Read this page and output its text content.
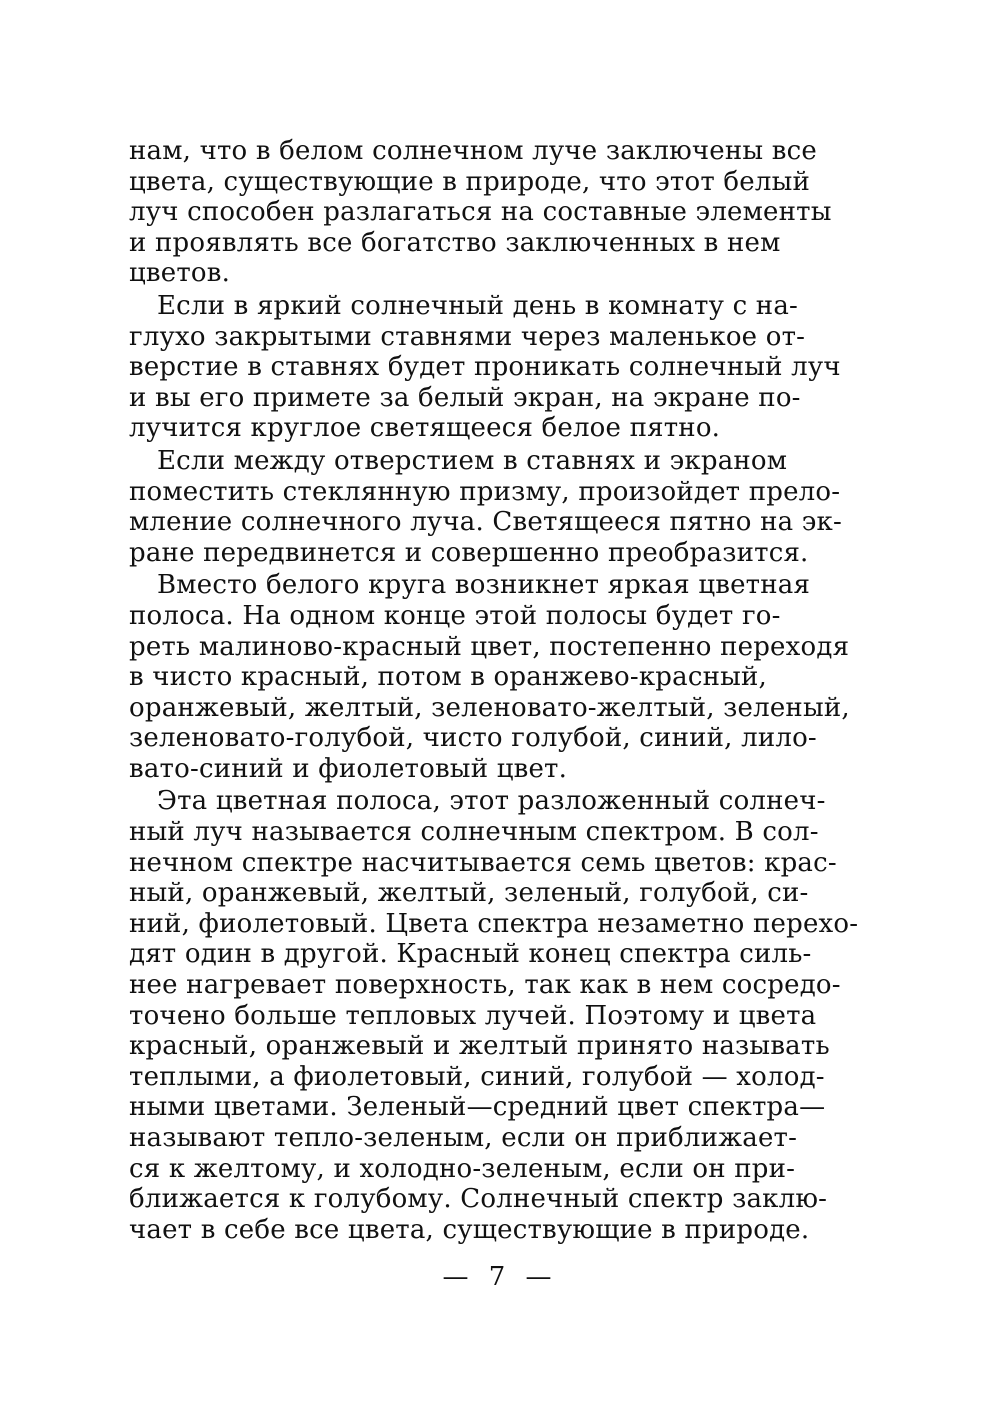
нам, что в белом солнечном луче заключены все
цвета, существующие в природе, что этот белый
луч способен разлагаться на составные элементы
и проявлять все богатство заключенных в нем
цветов.
Если в яркий солнечный день в комнату с на-
глухо закрытыми ставнями через маленькое от-
верстие в ставнях будет проникать солнечный луч
и вы его примете за белый экран, на экране по-
лучится круглое светящееся белое пятно.
Если между отверстием в ставнях и экраном
поместить стеклянную призму, произойдет прело-
мление солнечного луча. Светящееся пятно на эк-
ране передвинется и совершенно преобразится.
Вместо белого круга возникнет яркая цветная
полоса. На одном конце этой полосы будет го-
реть малиново-красный цвет, постепенно переходя
в чисто красный, потом в оранжево-красный,
оранжевый, желтый, зеленовато-желтый, зеленый,
зеленовато-голубой, чисто голубой, синий, лило-
вато-синий и фиолетовый цвет.
Эта цветная полоса, этот разложенный солнеч-
ный луч называется солнечным спектром. В сол-
нечном спектре насчитывается семь цветов: крас-
ный, оранжевый, желтый, зеленый, голубой, си-
ний, фиолетовый. Цвета спектра незаметно перехо-
дят один в другой. Красный конец спектра силь-
нее нагревает поверхность, так как в нем сосредо-
точено больше тепловых лучей. Поэтому и цвета
красный, оранжевый и желтый принято называть
теплыми, а фиолетовый, синий, голубой — холод-
ными цветами. Зеленый—средний цвет спектра—
называют тепло-зеленым, если он приближает-
ся к желтому, и холодно-зеленым, если он при-
ближается к голубому. Солнечный спектр заклю-
чает в себе все цвета, существующие в природе.
— 7 —
